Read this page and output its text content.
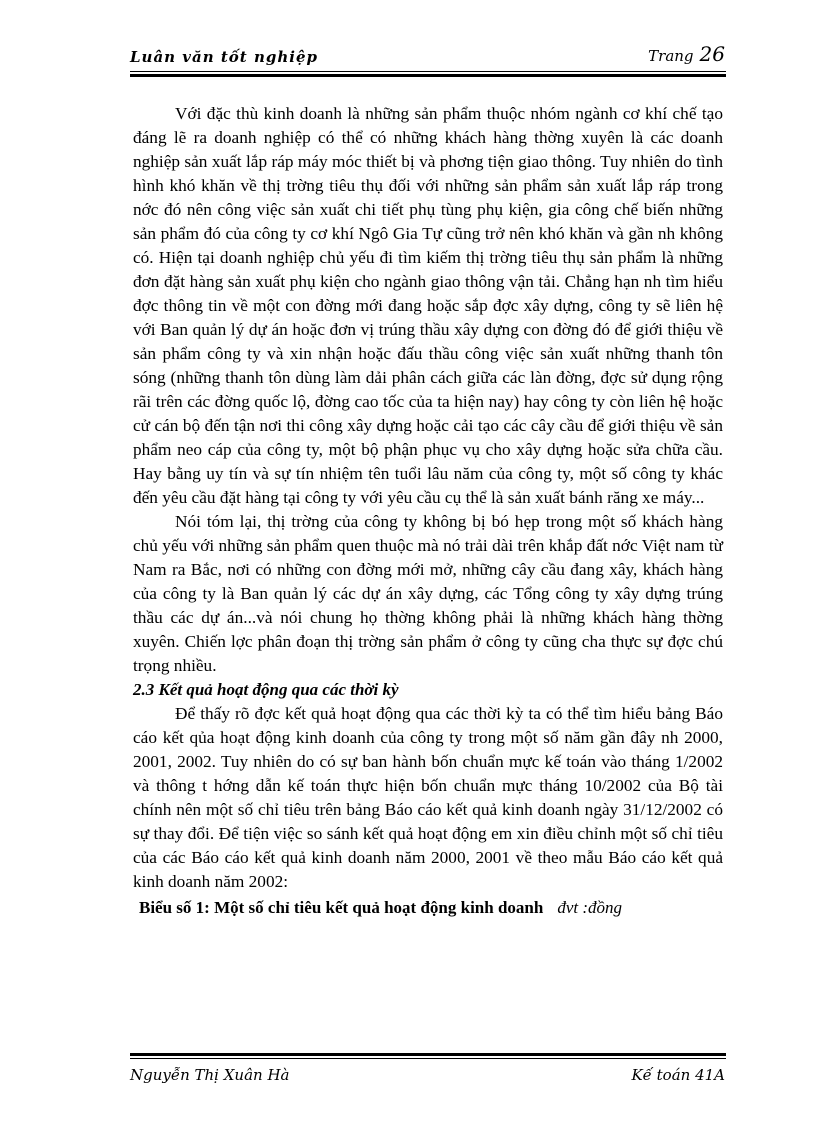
Luân văn tốt nghiệp	Trang 26

Với đặc thù kinh doanh là những sản phẩm thuộc nhóm ngành cơ khí chế tạo đáng lẽ ra doanh nghiệp có thể có những khách hàng thờng xuyên là các doanh nghiệp sản xuất lắp ráp máy móc thiết bị và phơng tiện giao thông. Tuy nhiên do tình hình khó khăn về thị trờng tiêu thụ đối với những sản phẩm sản xuất lắp ráp trong nớc đó nên công việc sản xuất chi tiết phụ tùng phụ kiện, gia công chế biến những sản phẩm đó của công ty cơ khí Ngô Gia Tự cũng trở nên khó khăn và gần nh không có. Hiện tại doanh nghiệp chủ yếu đi tìm kiếm thị trờng tiêu thụ sản phẩm là những đơn đặt hàng sản xuất phụ kiện cho ngành giao thông vận tải. Chẳng hạn nh tìm hiểu đợc thông tin về một con đờng mới đang hoặc sắp đợc xây dựng, công ty sẽ liên hệ với Ban quản lý dự án hoặc đơn vị trúng thầu xây dựng con đờng đó để giới thiệu về sản phẩm công ty và xin nhận hoặc đấu thầu công việc sản xuất những thanh tôn sóng (những thanh tôn dùng làm dải phân cách giữa các làn đờng, đợc sử dụng rộng rãi trên các đờng quốc lộ, đờng cao tốc của ta hiện nay) hay công ty còn liên hệ hoặc cử cán bộ đến tận nơi thi công xây dựng hoặc cải tạo các cây cầu để giới thiệu về sản phẩm neo cáp của công ty, một bộ phận phục vụ cho xây dựng hoặc sửa chữa cầu. Hay bằng uy tín và sự tín nhiệm tên tuổi lâu năm của công ty, một số công ty khác đến yêu cầu đặt hàng tại công ty với yêu cầu cụ thể là sản xuất bánh răng xe máy...

Nói tóm lại, thị trờng của công ty không bị bó hẹp trong một số khách hàng chủ yếu với những sản phẩm quen thuộc mà nó trải dài trên khắp đất nớc Việt nam từ Nam ra Bắc, nơi có những con đờng mới mở, những cây cầu đang xây, khách hàng của công ty là Ban quản lý các dự án xây dựng, các Tổng công ty xây dựng trúng thầu các dự án...và nói chung họ thờng không phải là những khách hàng thờng xuyên. Chiến lợc phân đoạn thị trờng sản phẩm ở công ty cũng cha thực sự đợc chú trọng nhiều.

2.3 Kết quả hoạt động qua các thời kỳ

Để thấy rõ đợc kết quả hoạt động qua các thời kỳ ta có thể tìm hiểu bảng Báo cáo kết qủa hoạt động kinh doanh của công ty trong một số năm gần đây nh 2000, 2001, 2002. Tuy nhiên do có sự ban hành bốn chuẩn mực kế toán vào tháng 1/2002 và thông t hớng dẫn kế toán thực hiện bốn chuẩn mực tháng 10/2002 của Bộ tài chính nên một số chỉ tiêu trên bảng Báo cáo kết quả kinh doanh ngày 31/12/2002 có sự thay đổi. Để tiện việc so sánh kết quả hoạt động em xin điều chỉnh một số chỉ tiêu của các Báo cáo kết quả kinh doanh năm 2000, 2001 về theo mẫu Báo cáo kết quả kinh doanh năm 2002:

Biểu số 1: Một số chỉ tiêu kết quả hoạt động kinh doanh đvt :đồng
Nguyễn Thị Xuân Hà	Kế toán 41A
